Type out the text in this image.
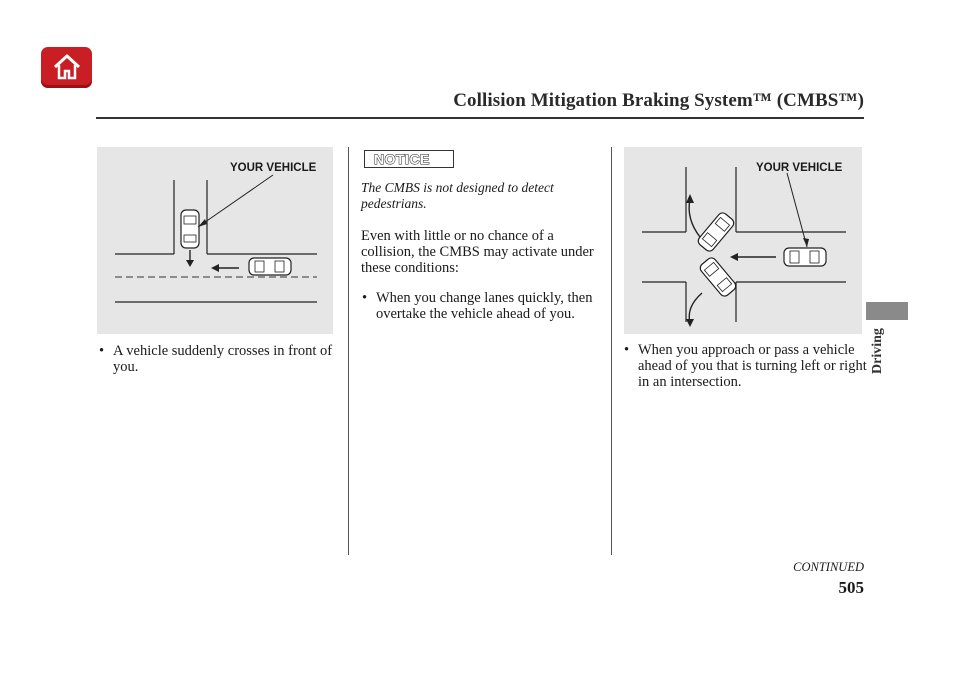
Collision Mitigation Braking System™ (CMBS™)
Driving
YOUR VEHICLE
• A vehicle suddenly crosses in front of you.
NOTICE
The CMBS is not designed to detect pedestrians.
Even with little or no chance of a collision, the CMBS may activate under these conditions:
• When you change lanes quickly, then overtake the vehicle ahead of you.
YOUR VEHICLE
• When you approach or pass a vehicle ahead of you that is turning left or right in an intersection.
CONTINUED
505
